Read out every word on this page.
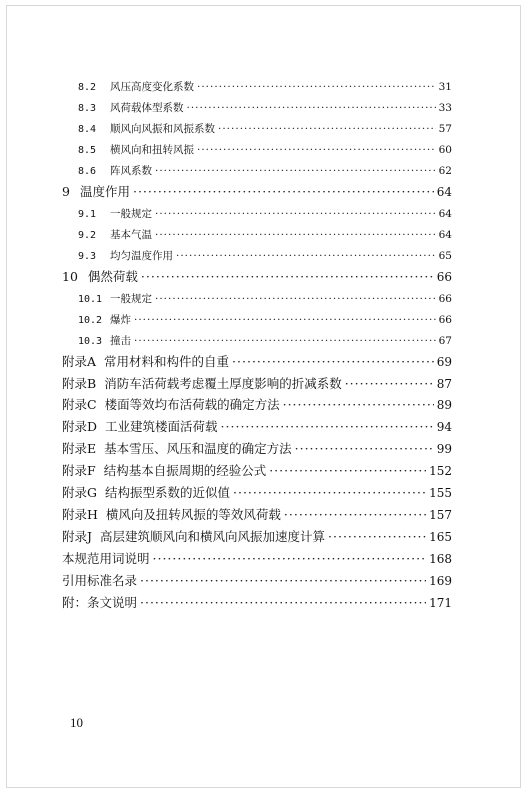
8.2	风压高度变化系数 ·····	31
8.3	风荷载体型系数 ·····	33
8.4	顺风向风振和风振系数 ·····	57
8.5	横风向和扭转风振 ·····	60
8.6	阵风系数 ·····	62
9 温度作用 ·····	64
9.1	一般规定 ·····	64
9.2	基本气温 ·····	64
9.3	均匀温度作用 ·····	65
10 偶然荷载 ·····	66
10.1 一般规定 ·····	66
10.2 爆炸 ·····	66
10.3 撞击 ·····	67
附录A 常用材料和构件的自重 ·····	69
附录B 消防车活荷载考虑覆土厚度影响的折减系数 ·····	87
附录C 楼面等效均布活荷载的确定方法 ·····	89
附录D 工业建筑楼面活荷载 ·····	94
附录E 基本雪压、风压和温度的确定方法 ·····	99
附录F 结构基本自振周期的经验公式 ·····	152
附录G 结构振型系数的近似值 ·····	155
附录H 横风向及扭转风振的等效风荷载 ·····	157
附录J 高层建筑顺风向和横风向风振加速度计算 ·····	165
本规范用词说明 ·····	168
引用标准名录 ·····	169
附：条文说明 ·····	171
10
